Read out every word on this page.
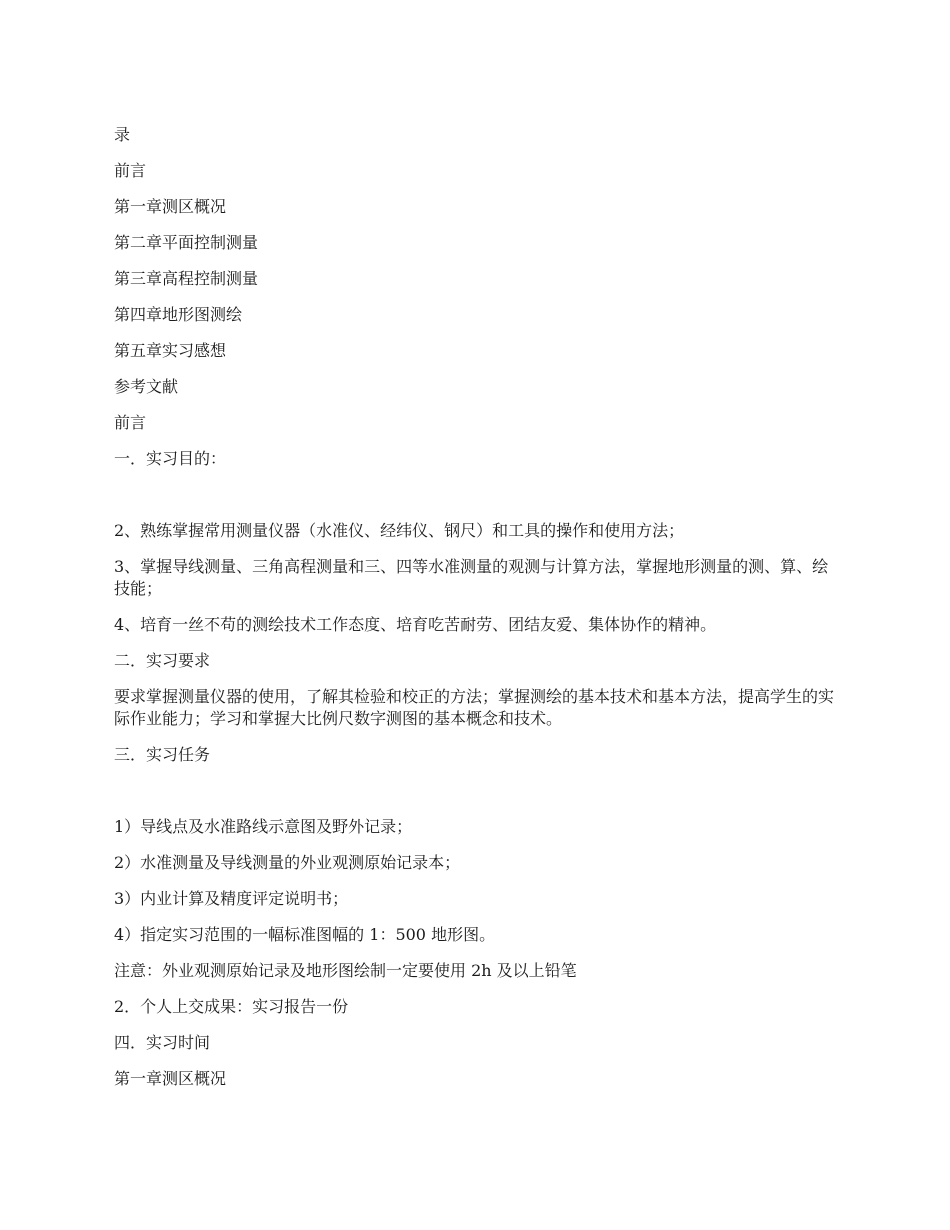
录

前言

第一章测区概况

第二章平面控制测量

第三章高程控制测量

第四章地形图测绘

第五章实习感想

参考文献

前言

一．实习目的：

2、熟练掌握常用测量仪器（水准仪、经纬仪、钢尺）和工具的操作和使用方法；

3、掌握导线测量、三角高程测量和三、四等水准测量的观测与计算方法，掌握地形测量的测、算、绘技能；

4、培育一丝不苟的测绘技术工作态度、培育吃苦耐劳、团结友爱、集体协作的精神。

二．实习要求

要求掌握测量仪器的使用，了解其检验和校正的方法；掌握测绘的基本技术和基本方法，提高学生的实际作业能力；学习和掌握大比例尺数字测图的基本概念和技术。

三．实习任务

1）导线点及水准路线示意图及野外记录；

2）水准测量及导线测量的外业观测原始记录本；

3）内业计算及精度评定说明书；

4）指定实习范围的一幅标准图幅的 1：500 地形图。

注意：外业观测原始记录及地形图绘制一定要使用 2h 及以上铅笔

2．个人上交成果：实习报告一份

四．实习时间

第一章测区概况
